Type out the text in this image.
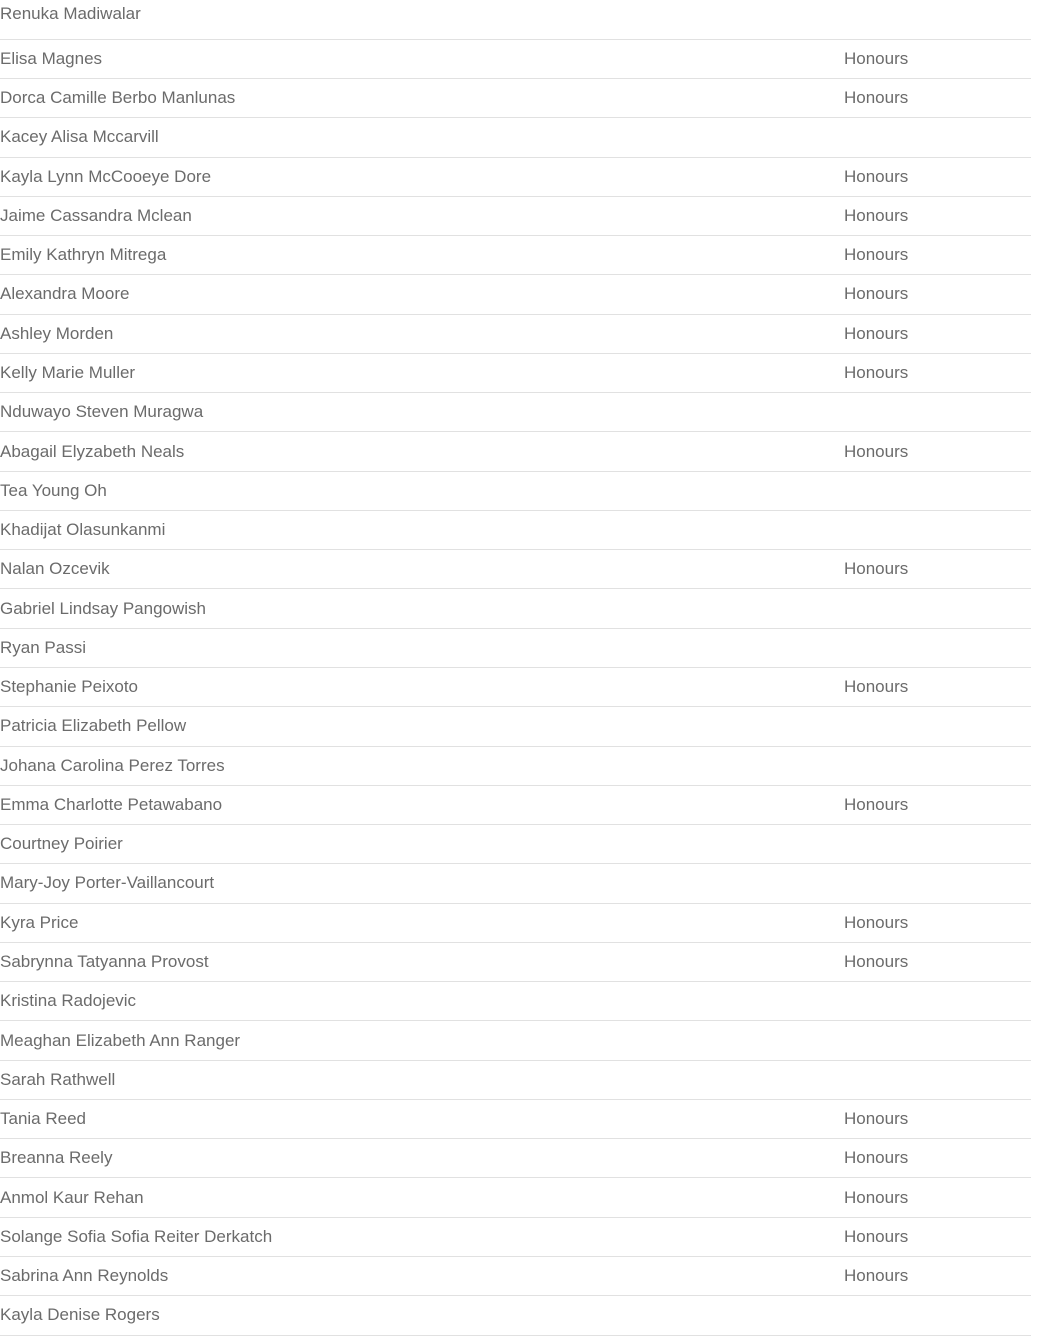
Renuka Madiwalar	
Elisa Magnes	Honours
Dorca Camille Berbo Manlunas	Honours
Kacey Alisa Mccarvill	
Kayla Lynn McCooeye Dore	Honours
Jaime Cassandra Mclean	Honours
Emily Kathryn Mitrega	Honours
Alexandra Moore	Honours
Ashley Morden	Honours
Kelly Marie Muller	Honours
Nduwayo Steven Muragwa	
Abagail Elyzabeth Neals	Honours
Tea Young Oh	
Khadijat Olasunkanmi	
Nalan Ozcevik	Honours
Gabriel Lindsay Pangowish	
Ryan Passi	
Stephanie Peixoto	Honours
Patricia Elizabeth Pellow	
Johana Carolina Perez Torres	
Emma Charlotte Petawabano	Honours
Courtney Poirier	
Mary-Joy Porter-Vaillancourt	
Kyra Price	Honours
Sabrynna Tatyanna Provost	Honours
Kristina Radojevic	
Meaghan Elizabeth Ann Ranger	
Sarah Rathwell	
Tania Reed	Honours
Breanna Reely	Honours
Anmol Kaur Rehan	Honours
Solange Sofia Sofia Reiter Derkatch	Honours
Sabrina Ann Reynolds	Honours
Kayla Denise Rogers	
